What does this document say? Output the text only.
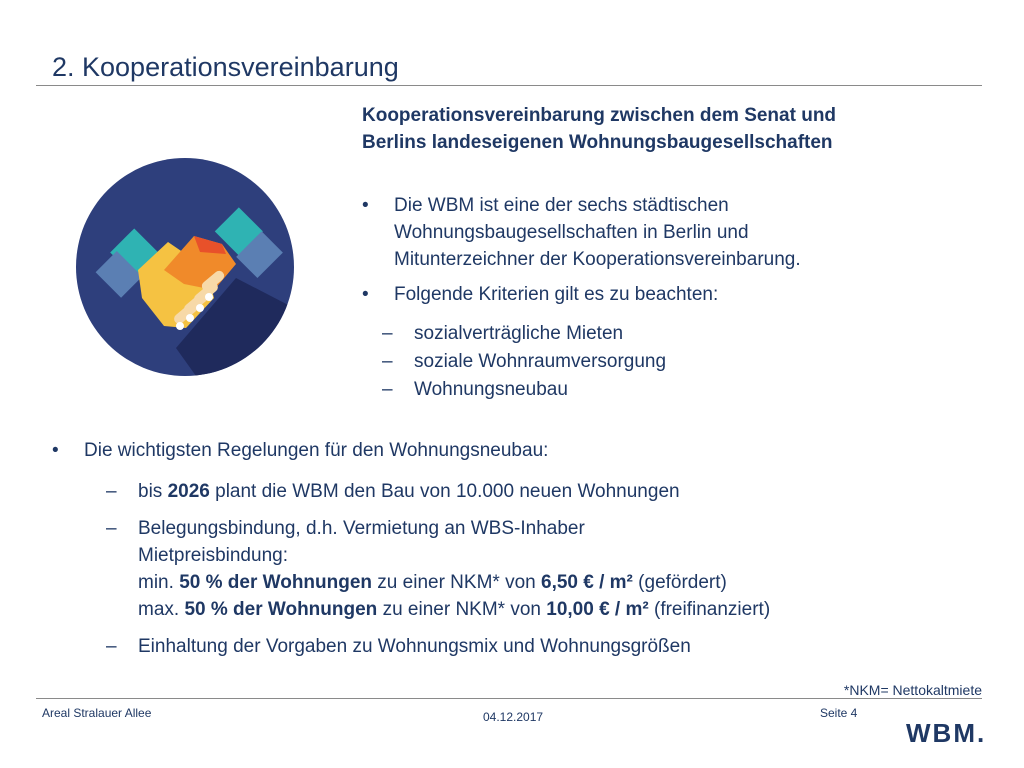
2. Kooperationsvereinbarung
Kooperationsvereinbarung zwischen dem Senat und
Berlins landeseigenen Wohnungsbaugesellschaften
• Die WBM ist eine der sechs städtischen
Wohnungsbaugesellschaften in Berlin und
Mitunterzeichner der Kooperationsvereinbarung.
• Folgende Kriterien gilt es zu beachten:
– sozialverträgliche Mieten
– soziale Wohnraumversorgung
– Wohnungsneubau
• Die wichtigsten Regelungen für den Wohnungsneubau:
– bis 2026 plant die WBM den Bau von 10.000 neuen Wohnungen
– Belegungsbindung, d.h. Vermietung an WBS-Inhaber
Mietpreisbindung:
min. 50 % der Wohnungen zu einer NKM* von 6,50 € / m² (gefördert)
max. 50 % der Wohnungen zu einer NKM* von 10,00 € / m² (freifinanziert)
– Einhaltung der Vorgaben zu Wohnungsmix und Wohnungsgrößen
*NKM= Nettokaltmiete
Areal Stralauer Allee	04.12.2017	Seite 4
WBM.
